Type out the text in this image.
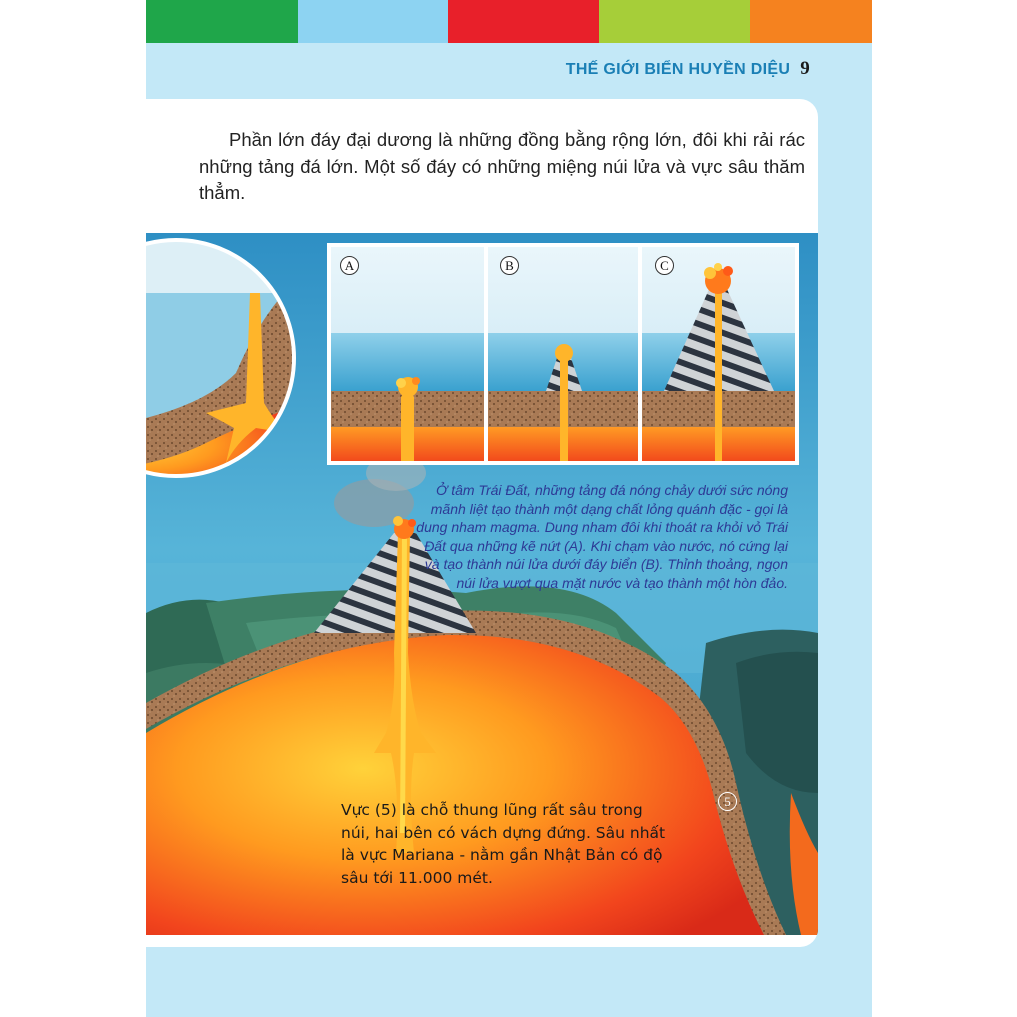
THẾ GIỚI BIỂN HUYỀN DIỆU 9
Phần lớn đáy đại dương là những đồng bằng rộng lớn, đôi khi rải rác những tảng đá lớn. Một số đáy có những miệng núi lửa và vực sâu thăm thẳm.
A	B	C
Ở tâm Trái Đất, những tảng đá nóng chảy dưới sức nóng mãnh liệt tạo thành một dạng chất lỏng quánh đặc - gọi là dung nham magma. Dung nham đôi khi thoát ra khỏi vỏ Trái Đất qua những kẽ nứt (A). Khi chạm vào nước, nó cứng lại và tạo thành núi lửa dưới đáy biển (B). Thỉnh thoảng, ngọn núi lửa vượt qua mặt nước và tạo thành một hòn đảo.
5
Vực (5) là chỗ thung lũng rất sâu trong núi, hai bên có vách dựng đứng. Sâu nhất là vực Mariana - nằm gần Nhật Bản có độ sâu tới 11.000 mét.
